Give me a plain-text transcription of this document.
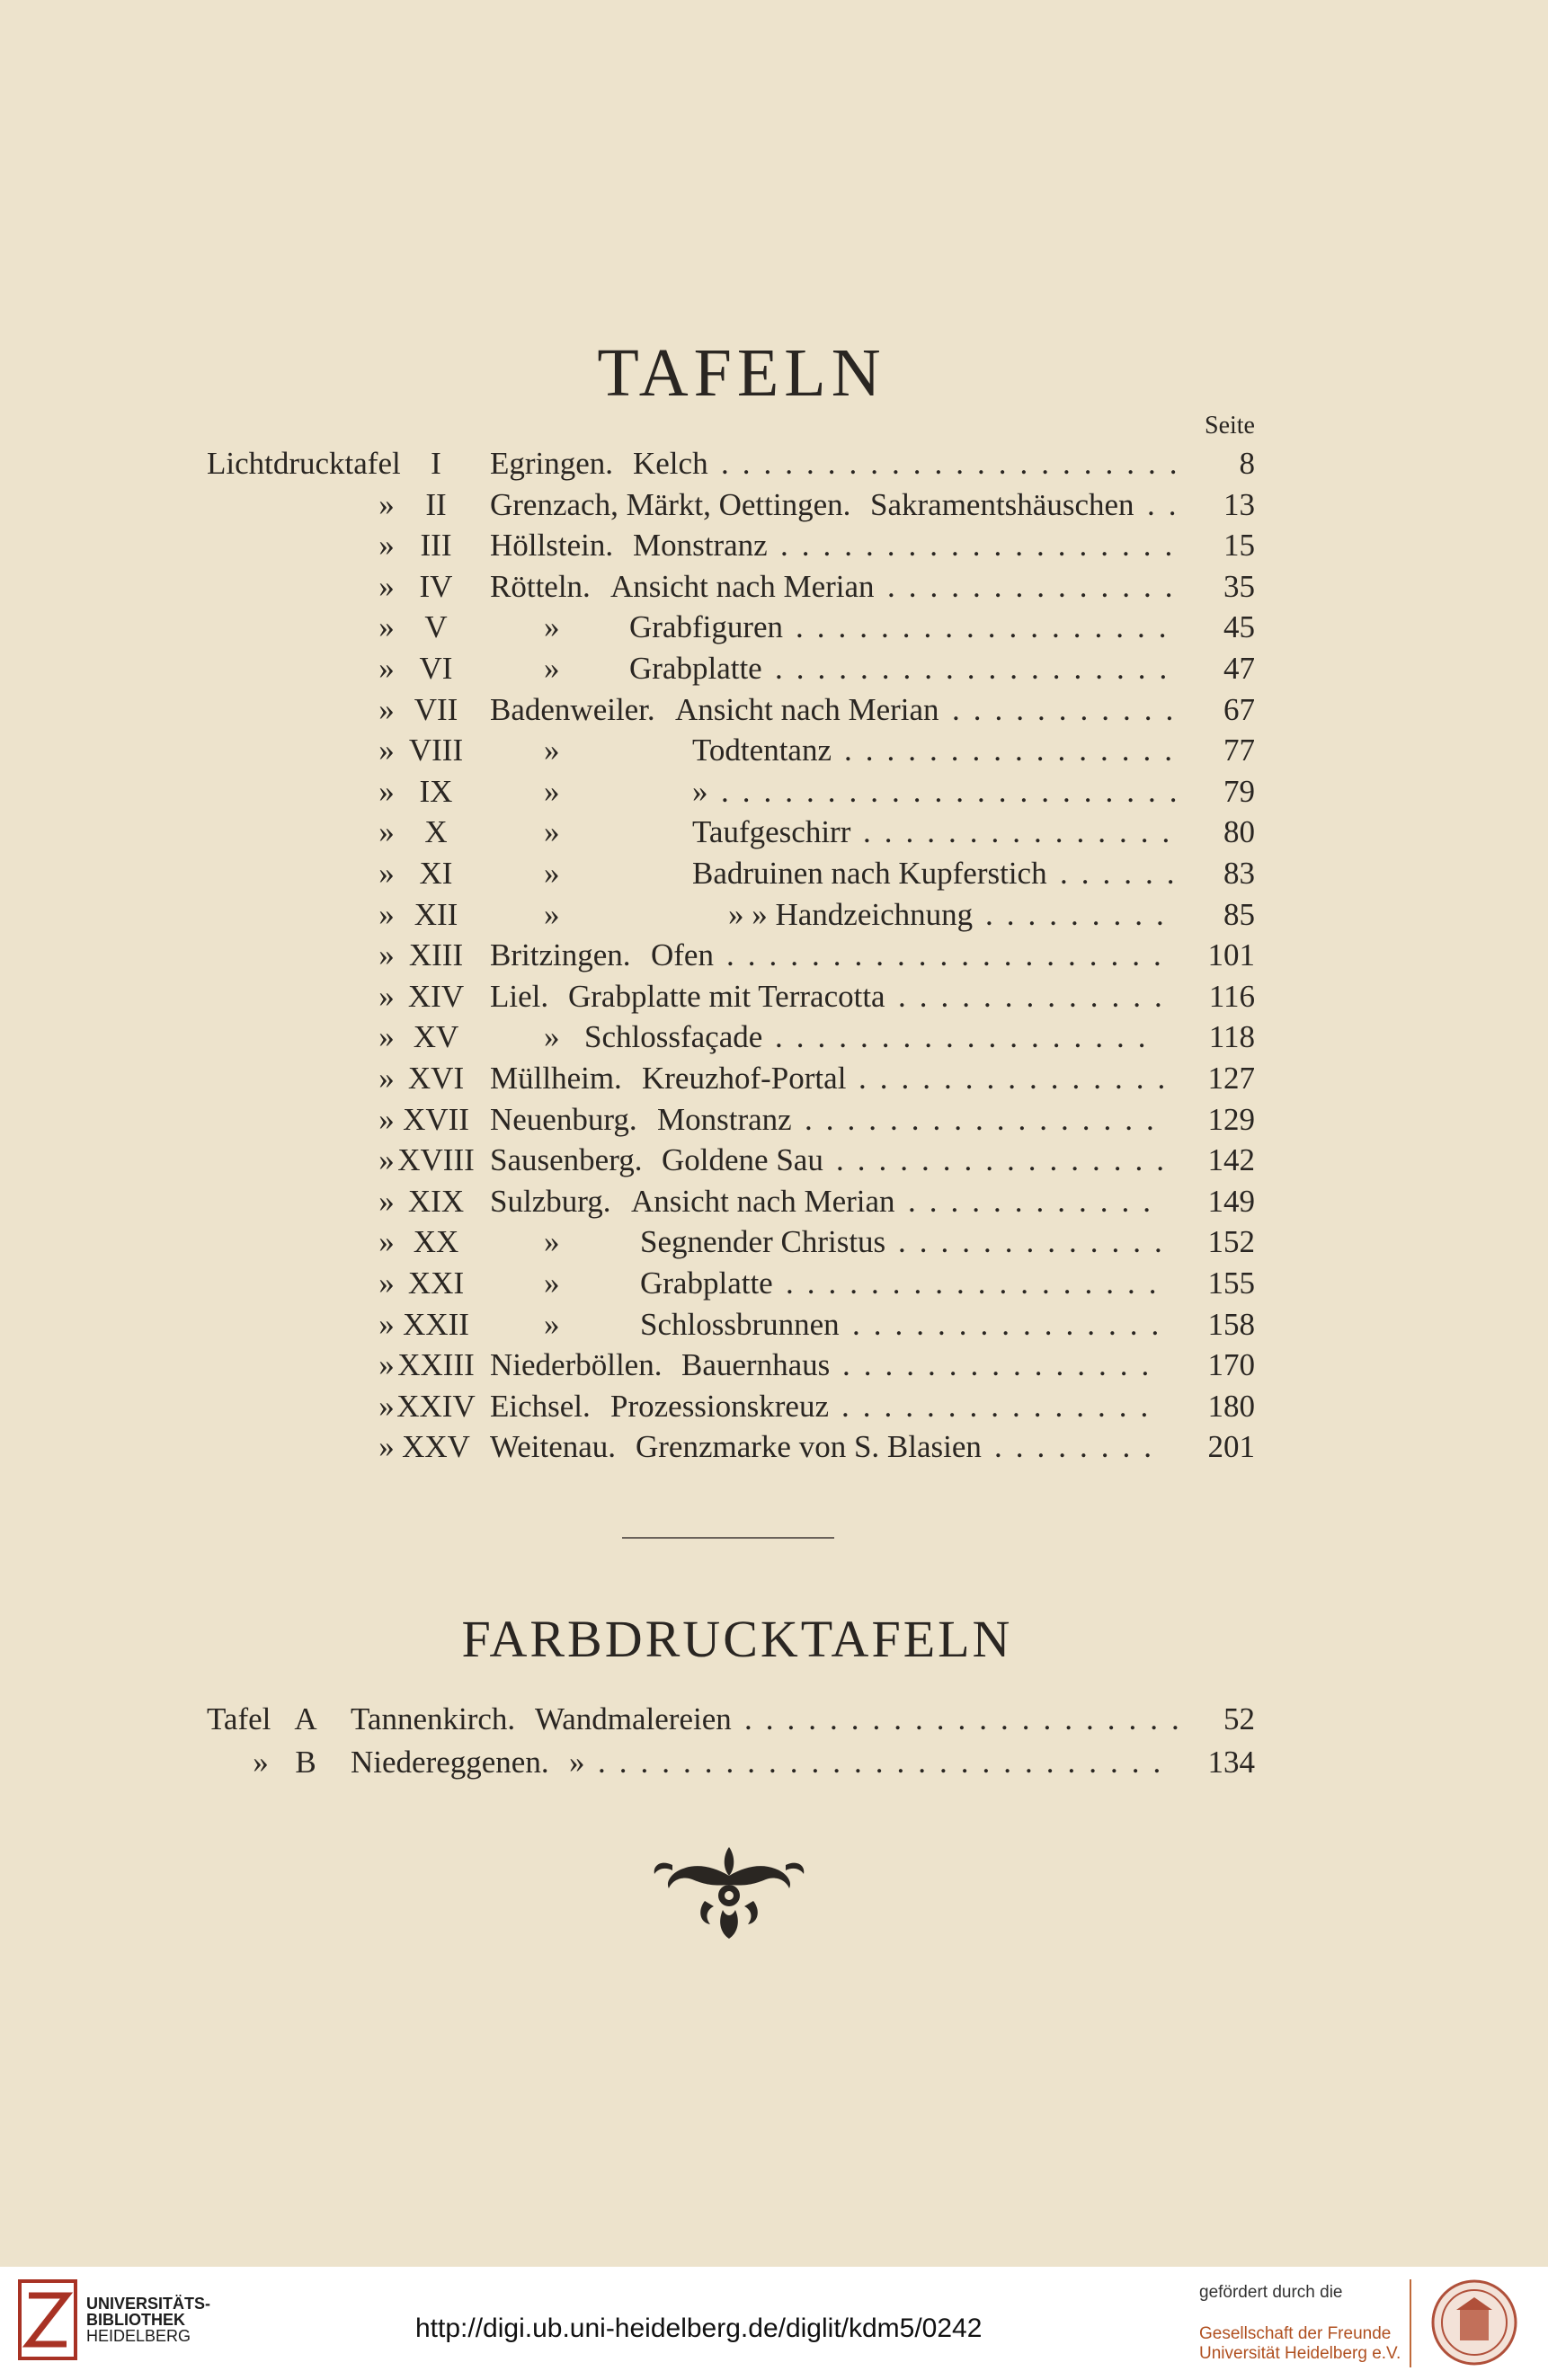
TAFELN
Seite
Lichtdrucktafel I	Egringen. Kelch ......................	8
» II	Grenzach, Märkt, Oettingen. Sakramentshäuschen ..	13
» III	Höllstein. Monstranz ...................	15
» IV	Rötteln. Ansicht nach Merian ..............	35
» V	» Grabfiguren ..................	45
» VI	» Grabplatte ...................	47
» VII	Badenweiler. Ansicht nach Merian ...........	67
» VIII	»	Todtentanz ................	77
» IX	»	» ......................	79
» X	»	Taufgeschirr ...............	80
» XI	»	Badruinen nach Kupferstich ......	83
» XII	»	» » Handzeichnung .........	85
» XIII Britzingen. Ofen .....................	101
» XIV Liel. Grabplatte mit Terracotta .............	116
» XV	» Schlossfaçade ..................	118
» XVI Müllheim. Kreuzhof-Portal ............... 127
» XVII Neuenburg. Monstranz .................	129
» XVIII Sausenberg. Goldene Sau ................ 142
» XIX Sulzburg. Ansicht nach Merian ............	149
» XX	»	Segnender Christus .............	152
» XXI	»	Grabplatte ..................	155
» XXII	»	Schlossbrunnen ...............	158
» XXIII Niederböllen. Bauernhaus ...............	170
» XXIV Eichsel. Prozessionskreuz ...............	180
» XXV Weitenau. Grenzmarke von S. Blasien ........	201
FARBDRUCKTAFELN
Tafel A Tannenkirch. Wandmalereien ..................... 52
» B Niedereggenen. » ...........................	134
UNIVERSITÄTS-
BIBLIOTHEK
HEIDELBERG	http://digi.ub.uni-heidelberg.de/diglit/kdm5/0242
gefördert durch die
Gesellschaft der Freunde
Universität Heidelberg e.V.
